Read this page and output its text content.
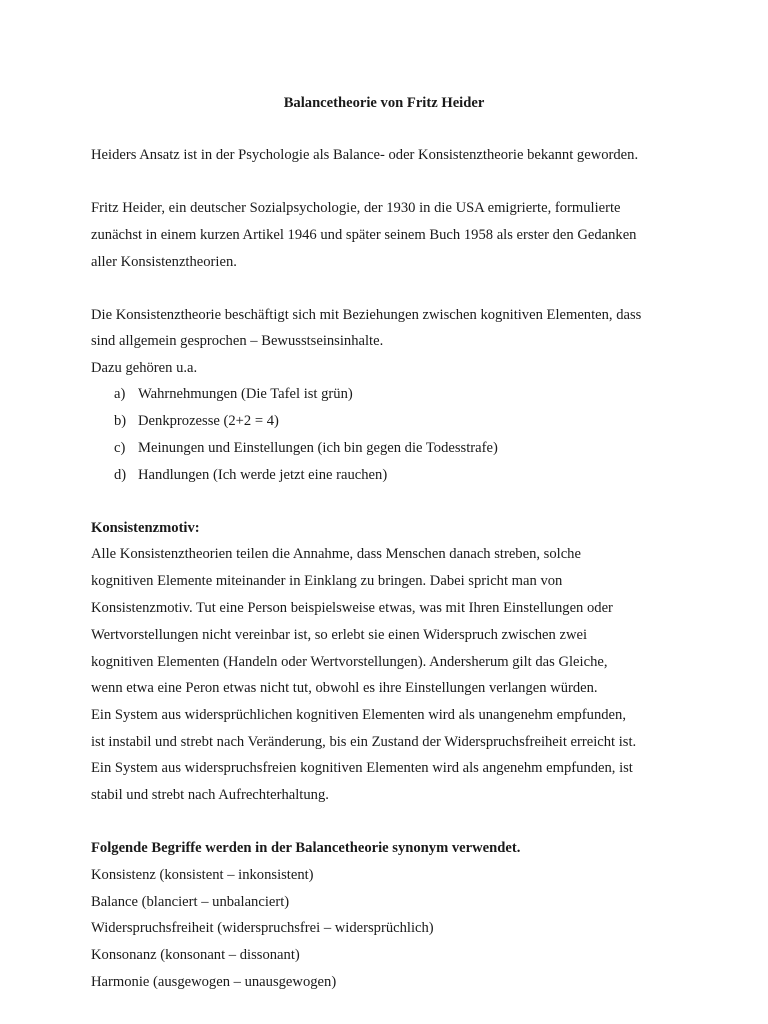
Balancetheorie von Fritz Heider
Heiders Ansatz ist in der Psychologie als Balance- oder Konsistenztheorie bekannt geworden.
Fritz Heider, ein deutscher Sozialpsychologie, der 1930 in die USA emigrierte, formulierte
zunächst in einem kurzen Artikel 1946 und später seinem Buch 1958 als erster den Gedanken
aller Konsistenztheorien.
Die Konsistenztheorie beschäftigt sich mit Beziehungen zwischen kognitiven Elementen, dass
sind allgemein gesprochen – Bewusstseinsinhalte.
Dazu gehören u.a.
a) Wahrnehmungen (Die Tafel ist grün)
b) Denkprozesse (2+2 = 4)
c) Meinungen und Einstellungen (ich bin gegen die Todesstrafe)
d) Handlungen (Ich werde jetzt eine rauchen)
Konsistenzmotiv:
Alle Konsistenztheorien teilen die Annahme, dass Menschen danach streben, solche
kognitiven Elemente miteinander in Einklang zu bringen. Dabei spricht man von
Konsistenzmotiv. Tut eine Person beispielsweise etwas, was mit Ihren Einstellungen oder
Wertvorstellungen nicht vereinbar ist, so erlebt sie einen Widerspruch zwischen zwei
kognitiven Elementen (Handeln oder Wertvorstellungen). Andersherum gilt das Gleiche,
wenn etwa eine Peron etwas nicht tut, obwohl es ihre Einstellungen verlangen würden.
Ein System aus widersprüchlichen kognitiven Elementen wird als unangenehm empfunden,
ist instabil und strebt nach Veränderung, bis ein Zustand der Widerspruchsfreiheit erreicht ist.
Ein System aus widerspruchsfreien kognitiven Elementen wird als angenehm empfunden, ist
stabil und strebt nach Aufrechterhaltung.
Folgende Begriffe werden in der Balancetheorie synonym verwendet.
Konsistenz (konsistent – inkonsistent)
Balance (blanciert – unbalanciert)
Widerspruchsfreiheit (widerspruchsfrei – widersprüchlich)
Konsonanz (konsonant – dissonant)
Harmonie (ausgewogen – unausgewogen)
